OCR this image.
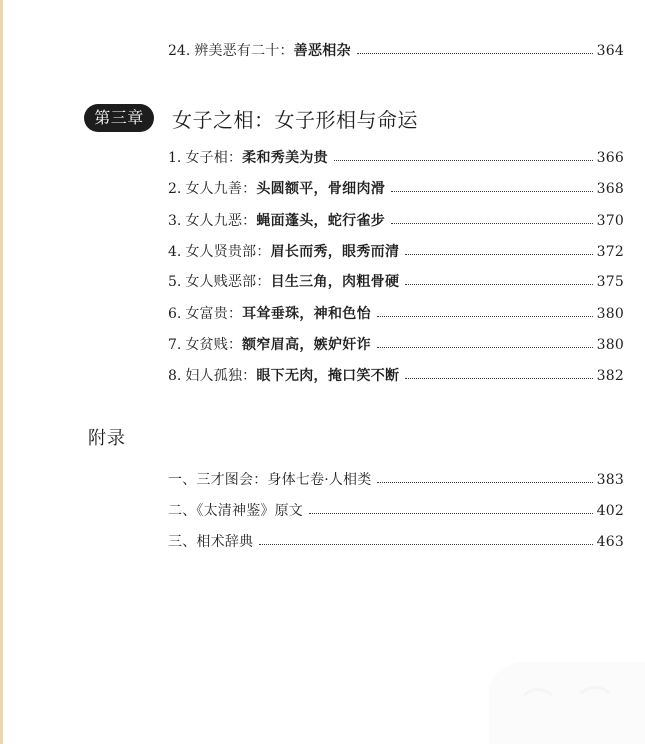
24. 辨美恶有二十： 善恶相杂	364
第三章	女子之相：女子形相与命运
1. 女子相： 柔和秀美为贵	366
2. 女人九善： 头圆额平，骨细肉滑	368
3. 女人九恶： 蝇面蓬头，蛇行雀步	370
4. 女人贤贵部： 眉长而秀，眼秀而清	372
5. 女人贱恶部： 目生三角，肉粗骨硬	375
6. 女富贵： 耳耸垂珠，神和色怡	380
7. 女贫贱： 额窄眉高，嫉妒奸诈	380
8. 妇人孤独： 眼下无肉，掩口笑不断	382
附录
一、三才图会：身体七卷·人相类	383
二、《太清神鉴》原文	402
三、相术辞典	463
